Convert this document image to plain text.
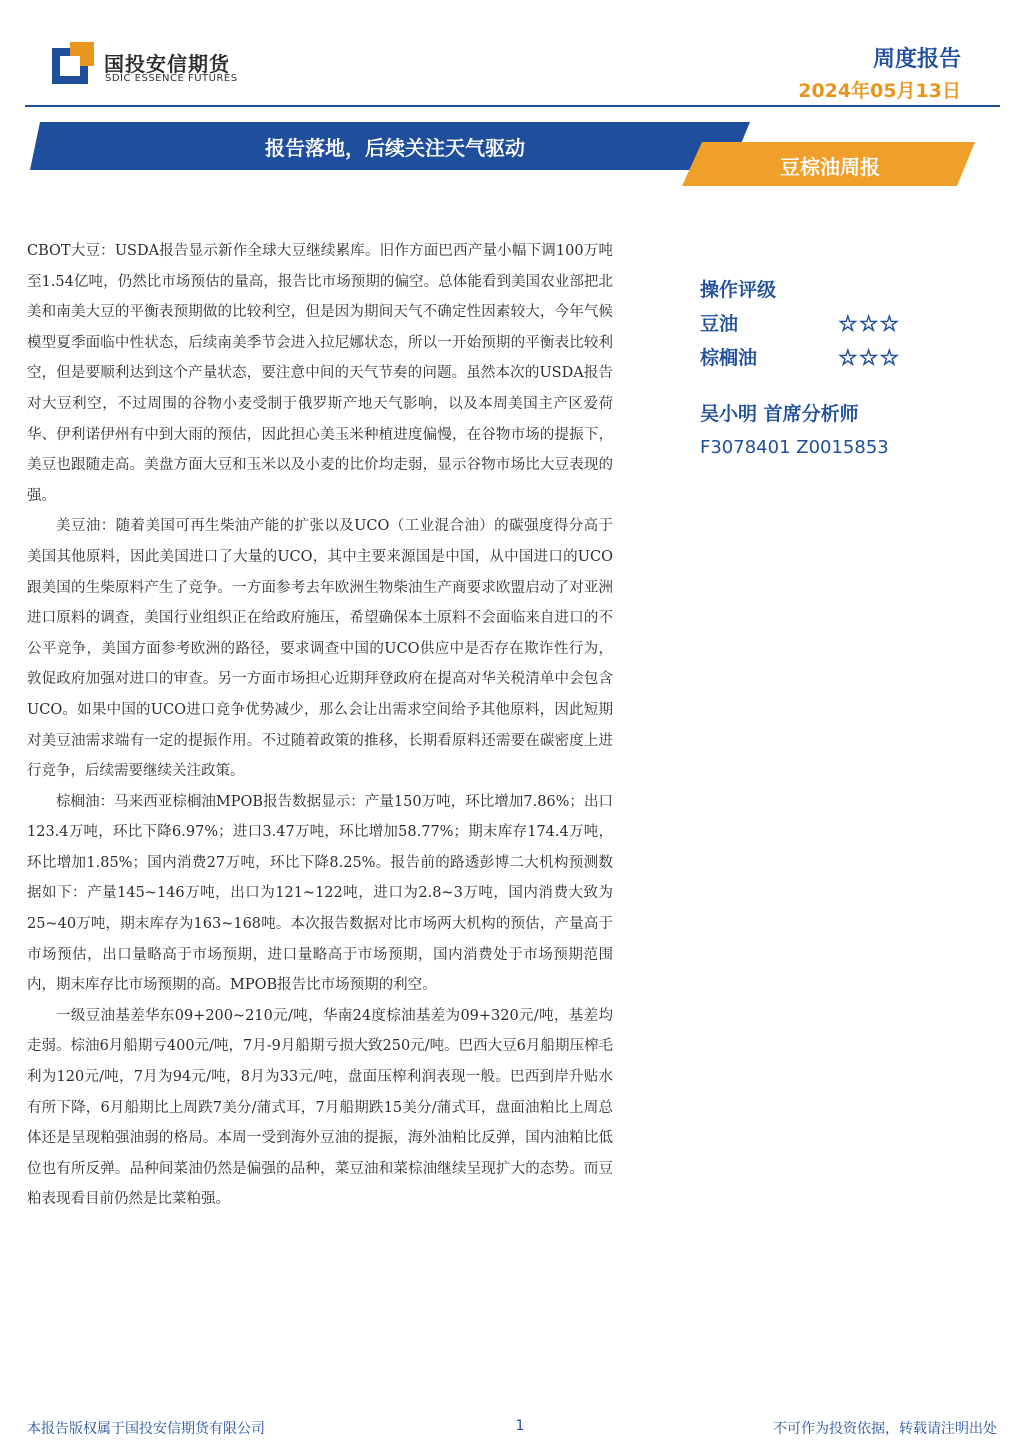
国投安信期货
SDIC ESSENCE FUTURES
周度报告
2024年05月13日
报告落地，后续关注天气驱动
豆棕油周报

CBOT大豆：USDA报告显示新作全球大豆继续累库。旧作方面巴西产量小幅下调100万吨至1.54亿吨，仍然比市场预估的量高，报告比市场预期的偏空。总体能看到美国农业部把北美和南美大豆的平衡表预期做的比较利空，但是因为期间天气不确定性因素较大，今年气候模型夏季面临中性状态，后续南美季节会进入拉尼娜状态，所以一开始预期的平衡表比较利空，但是要顺利达到这个产量状态，要注意中间的天气节奏的问题。虽然本次的USDA报告对大豆利空，不过周围的谷物小麦受制于俄罗斯产地天气影响，以及本周美国主产区爱荷华、伊利诺伊州有中到大雨的预估，因此担心美玉米种植进度偏慢，在谷物市场的提振下，美豆也跟随走高。美盘方面大豆和玉米以及小麦的比价均走弱，显示谷物市场比大豆表现的强。

美豆油：随着美国可再生柴油产能的扩张以及UCO（工业混合油）的碳强度得分高于美国其他原料，因此美国进口了大量的UCO，其中主要来源国是中国，从中国进口的UCO跟美国的生柴原料产生了竞争。一方面参考去年欧洲生物柴油生产商要求欧盟启动了对亚洲进口原料的调查，美国行业组织正在给政府施压，希望确保本土原料不会面临来自进口的不公平竞争，美国方面参考欧洲的路径，要求调查中国的UCO供应中是否存在欺诈性行为，敦促政府加强对进口的审查。另一方面市场担心近期拜登政府在提高对华关税清单中会包含UCO。如果中国的UCO进口竞争优势减少，那么会让出需求空间给予其他原料，因此短期对美豆油需求端有一定的提振作用。不过随着政策的推移，长期看原料还需要在碳密度上进行竞争，后续需要继续关注政策。

棕榈油：马来西亚棕榈油MPOB报告数据显示：产量150万吨，环比增加7.86%；出口123.4万吨，环比下降6.97%；进口3.47万吨，环比增加58.77%；期末库存174.4万吨，环比增加1.85%；国内消费27万吨，环比下降8.25%。报告前的路透彭博二大机构预测数据如下：产量145~146万吨，出口为121~122吨，进口为2.8~3万吨，国内消费大致为25~40万吨，期末库存为163~168吨。本次报告数据对比市场两大机构的预估，产量高于市场预估，出口量略高于市场预期，进口量略高于市场预期，国内消费处于市场预期范围内，期末库存比市场预期的高。MPOB报告比市场预期的利空。

一级豆油基差华东09+200~210元/吨，华南24度棕油基差为09+320元/吨，基差均走弱。棕油6月船期亏400元/吨，7月-9月船期亏损大致250元/吨。巴西大豆6月船期压榨毛利为120元/吨，7月为94元/吨，8月为33元/吨，盘面压榨利润表现一般。巴西到岸升贴水有所下降，6月船期比上周跌7美分/蒲式耳，7月船期跌15美分/蒲式耳，盘面油粕比上周总体还是呈现粕强油弱的格局。本周一受到海外豆油的提振，海外油粕比反弹，国内油粕比低位也有所反弹。品种间菜油仍然是偏强的品种，菜豆油和菜棕油继续呈现扩大的态势。而豆粕表现看目前仍然是比菜粕强。

操作评级
豆油	☆☆☆
棕榈油	☆☆☆
吴小明 首席分析师
F3078401 Z0015853
本报告版权属于国投安信期货有限公司	1	不可作为投资依据，转载请注明出处
